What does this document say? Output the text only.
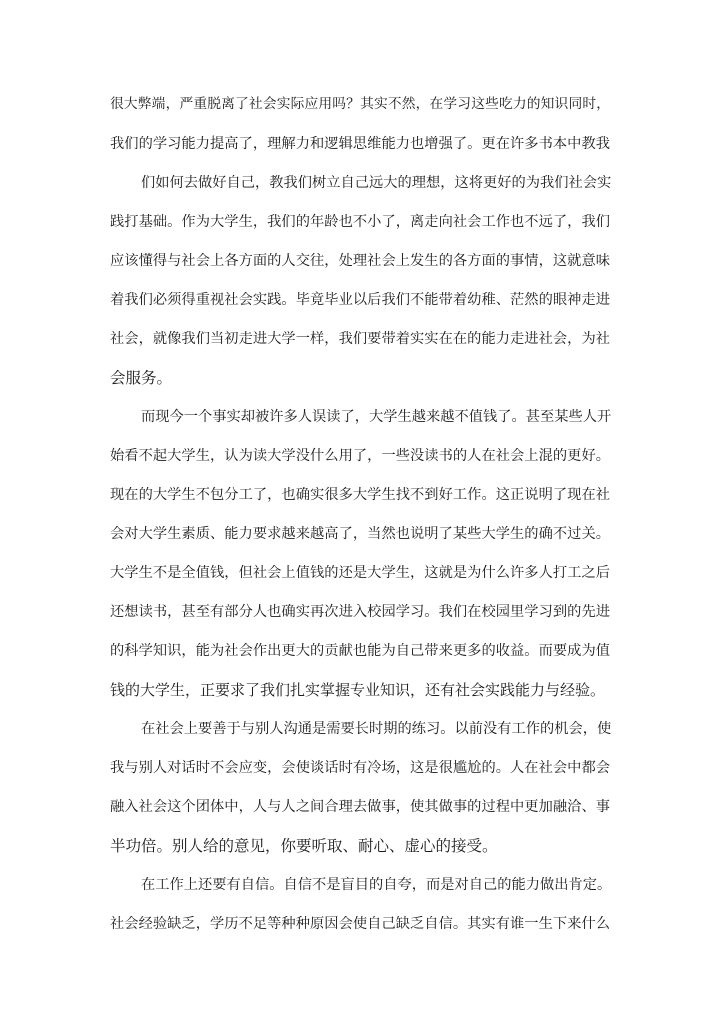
很大弊端，严重脱离了社会实际应用吗？其实不然，在学习这些吃力的知识同时，
我们的学习能力提高了，理解力和逻辑思维能力也增强了。更在许多书本中教我
们如何去做好自己，教我们树立自己远大的理想，这将更好的为我们社会实
践打基础。作为大学生，我们的年龄也不小了，离走向社会工作也不远了，我们
应该懂得与社会上各方面的人交往，处理社会上发生的各方面的事情，这就意味
着我们必须得重视社会实践。毕竟毕业以后我们不能带着幼稚、茫然的眼神走进
社会，就像我们当初走进大学一样，我们要带着实实在在的能力走进社会，为社
会服务。
而现今一个事实却被许多人误读了，大学生越来越不值钱了。甚至某些人开
始看不起大学生，认为读大学没什么用了，一些没读书的人在社会上混的更好。
现在的大学生不包分工了，也确实很多大学生找不到好工作。这正说明了现在社
会对大学生素质、能力要求越来越高了，当然也说明了某些大学生的确不过关。
大学生不是全值钱，但社会上值钱的还是大学生，这就是为什么许多人打工之后
还想读书，甚至有部分人也确实再次进入校园学习。我们在校园里学习到的先进
的科学知识，能为社会作出更大的贡献也能为自己带来更多的收益。而要成为值
钱的大学生，正要求了我们扎实掌握专业知识，还有社会实践能力与经验。
在社会上要善于与别人沟通是需要长时期的练习。以前没有工作的机会，使
我与别人对话时不会应变，会使谈话时有冷场，这是很尴尬的。人在社会中都会
融入社会这个团体中，人与人之间合理去做事，使其做事的过程中更加融洽、事
半功倍。别人给的意见，你要听取、耐心、虚心的接受。
在工作上还要有自信。自信不是盲目的自夸，而是对自己的能力做出肯定。
社会经验缺乏，学历不足等种种原因会使自己缺乏自信。其实有谁一生下来什么
